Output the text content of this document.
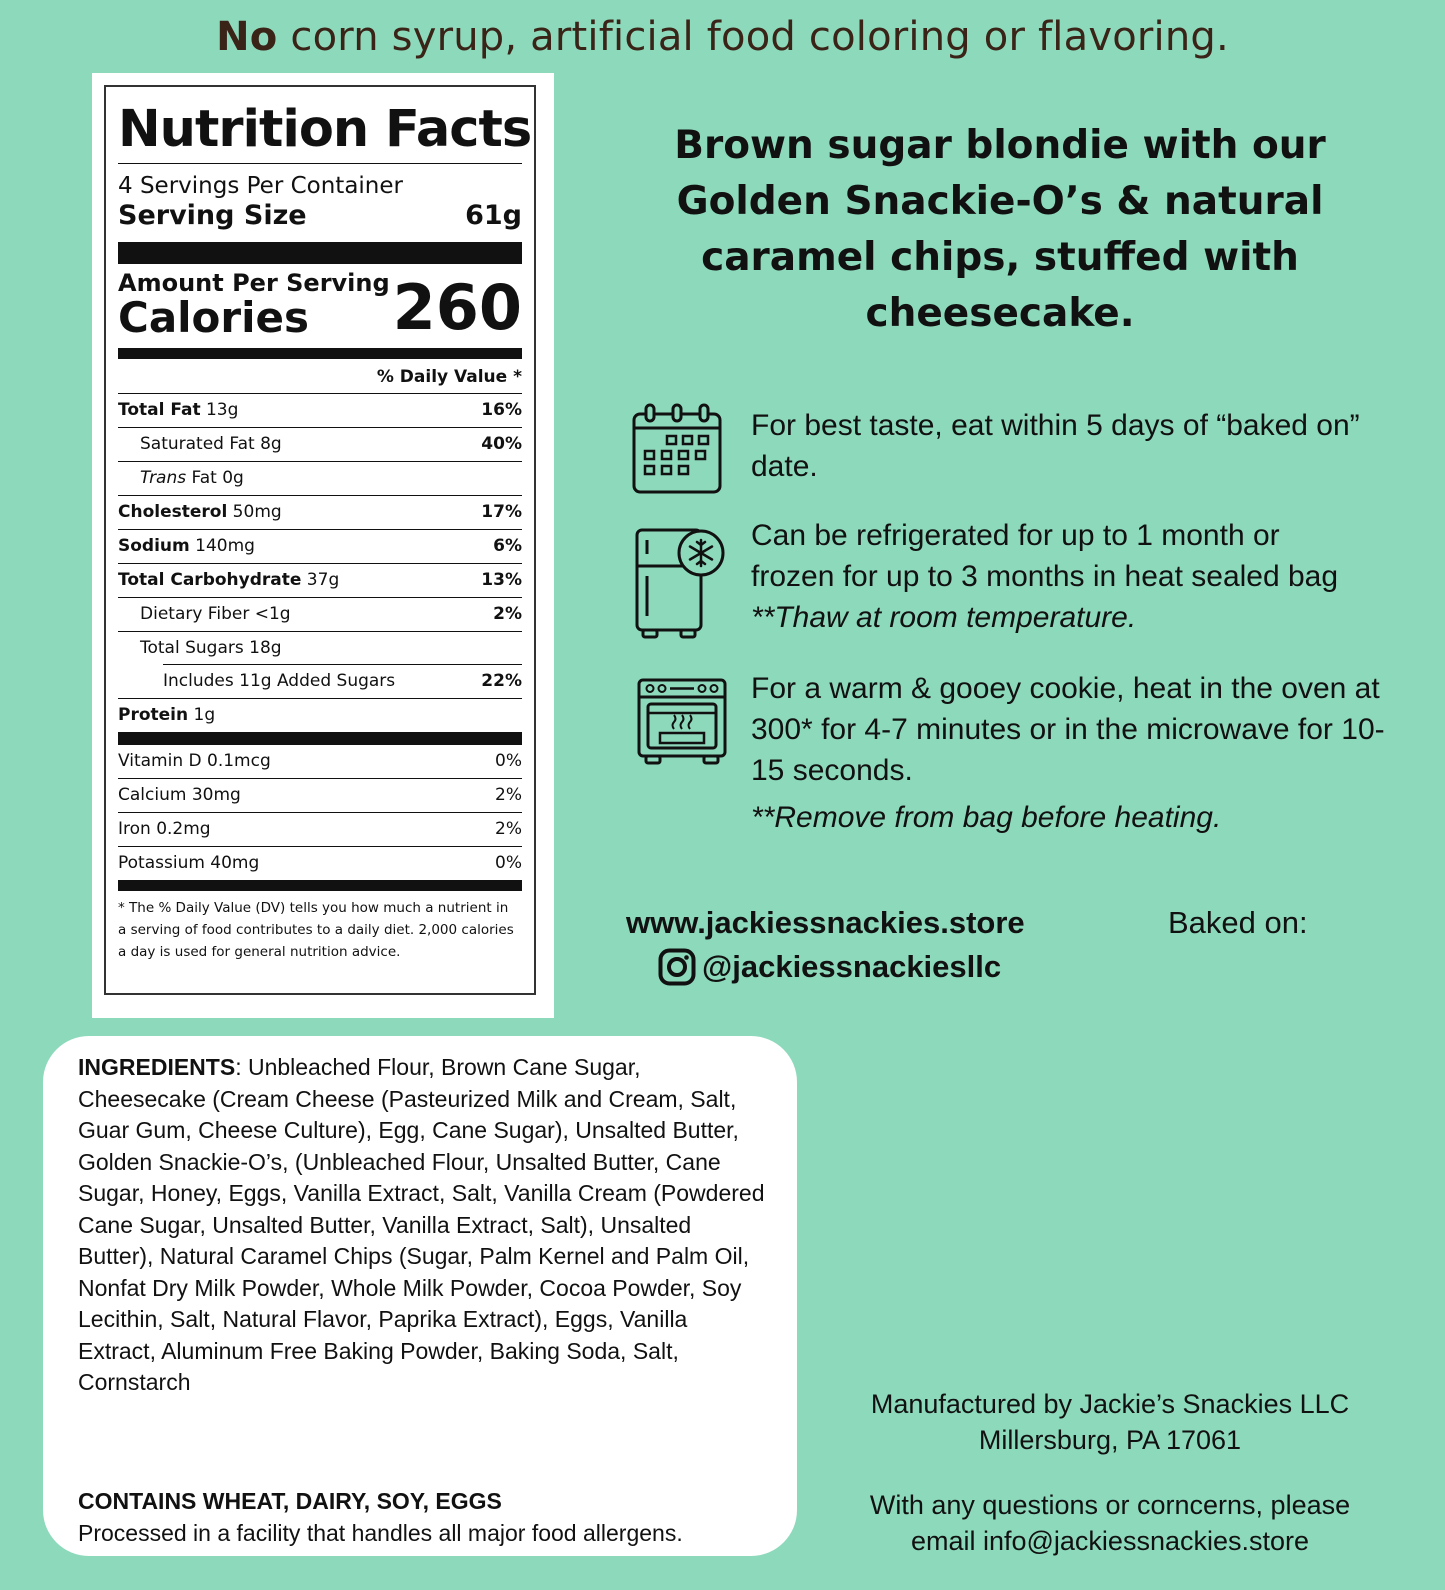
No corn syrup, artificial food coloring or flavoring.
Nutrition Facts
4 Servings Per Container
Serving Size	61g
Amount Per Serving
Calories	260
% Daily Value *
Total Fat 13g	16%
Saturated Fat 8g	40%
Trans Fat 0g
Cholesterol 50mg	17%
Sodium 140mg	6%
Total Carbohydrate 37g	13%
Dietary Fiber <1g	2%
Total Sugars 18g
Includes 11g Added Sugars	22%
Protein 1g
Vitamin D 0.1mcg	0%
Calcium 30mg	2%
Iron 0.2mg	2%
Potassium 40mg	0%
* The % Daily Value (DV) tells you how much a nutrient in a serving of food contributes to a daily diet. 2,000 calories a day is used for general nutrition advice.
Brown sugar blondie with our
Golden Snackie-O’s & natural
caramel chips, stuffed with
cheesecake.
For best taste, eat within 5 days of “baked on” date.
Can be refrigerated for up to 1 month or
frozen for up to 3 months in heat sealed bag
**Thaw at room temperature.
For a warm & gooey cookie, heat in the oven at 300* for 4-7 minutes or in the microwave for 10-15 seconds.
**Remove from bag before heating.
www.jackiessnackies.store
@jackiessnackiesllc
Baked on:
INGREDIENTS: Unbleached Flour, Brown Cane Sugar, Cheesecake (Cream Cheese (Pasteurized Milk and Cream, Salt, Guar Gum, Cheese Culture), Egg, Cane Sugar), Unsalted Butter, Golden Snackie-O’s, (Unbleached Flour, Unsalted Butter, Cane Sugar, Honey, Eggs, Vanilla Extract, Salt, Vanilla Cream (Powdered Cane Sugar, Unsalted Butter, Vanilla Extract, Salt), Unsalted Butter), Natural Caramel Chips (Sugar, Palm Kernel and Palm Oil, Nonfat Dry Milk Powder, Whole Milk Powder, Cocoa Powder, Soy Lecithin, Salt, Natural Flavor, Paprika Extract), Eggs, Vanilla Extract, Aluminum Free Baking Powder, Baking Soda, Salt, Cornstarch
CONTAINS WHEAT, DAIRY, SOY, EGGS
Processed in a facility that handles all major food allergens.
Manufactured by Jackie’s Snackies LLC
Millersburg, PA 17061
With any questions or corncerns, please
email info@jackiessnackies.store
